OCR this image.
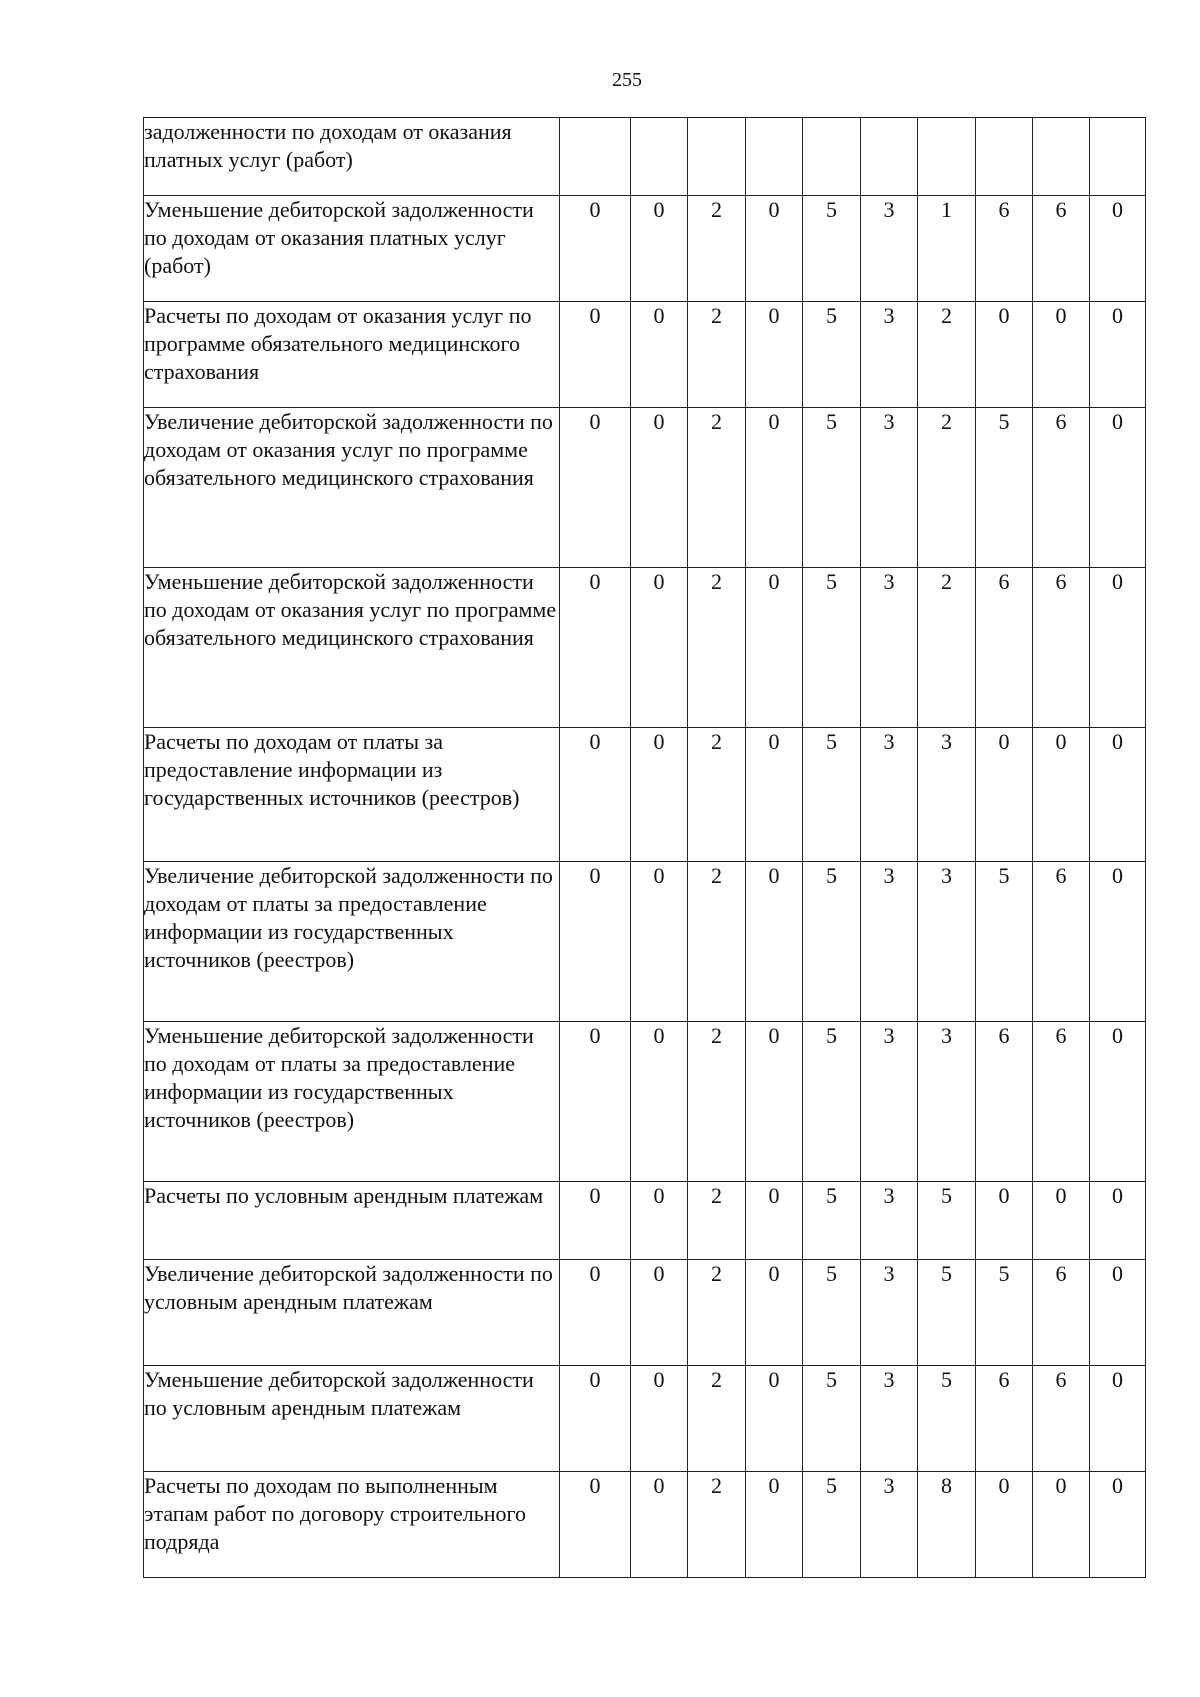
255
задолженности по доходам от оказания платных услуг (работ)										
Уменьшение дебиторской задолженности по доходам от оказания платных услуг (работ)	0	0	2	0	5	3	1	6	6	0
Расчеты по доходам от оказания услуг по программе обязательного медицинского страхования	0	0	2	0	5	3	2	0	0	0
Увеличение дебиторской задолженности по доходам от оказания услуг по программе обязательного медицинского страхования	0	0	2	0	5	3	2	5	6	0
Уменьшение дебиторской задолженности по доходам от оказания услуг по программе обязательного медицинского страхования	0	0	2	0	5	3	2	6	6	0
Расчеты по доходам от платы за предоставление информации из государственных источников (реестров)	0	0	2	0	5	3	3	0	0	0
Увеличение дебиторской задолженности по доходам от платы за предоставление информации из государственных источников (реестров)	0	0	2	0	5	3	3	5	6	0
Уменьшение дебиторской задолженности по доходам от платы за предоставление информации из государственных источников (реестров)	0	0	2	0	5	3	3	6	6	0
Расчеты по условным арендным платежам	0	0	2	0	5	3	5	0	0	0
Увеличение дебиторской задолженности по условным арендным платежам	0	0	2	0	5	3	5	5	6	0
Уменьшение дебиторской задолженности по условным арендным платежам	0	0	2	0	5	3	5	6	6	0
Расчеты по доходам по выполненным этапам работ по договору строительного подряда	0	0	2	0	5	3	8	0	0	0
